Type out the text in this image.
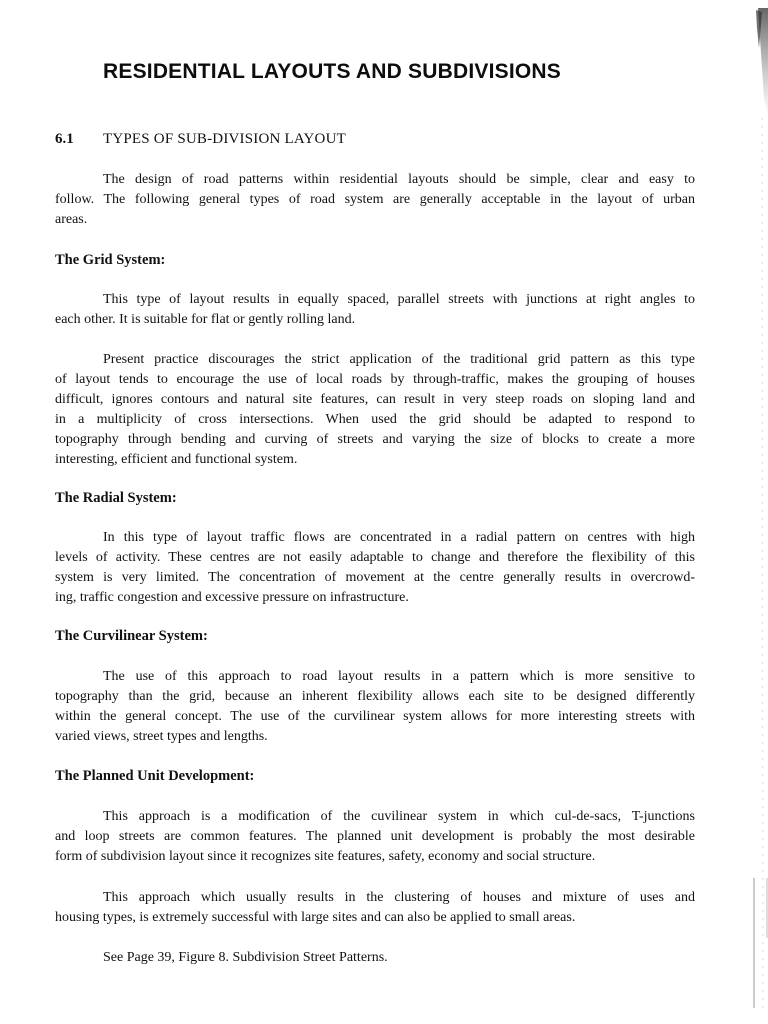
RESIDENTIAL LAYOUTS AND SUBDIVISIONS
6.1 TYPES OF SUB-DIVISION LAYOUT

The design of road patterns within residential layouts should be simple, clear and easy to
follow. The following general types of road system are generally acceptable in the layout of urban
areas.

The Grid System:

This type of layout results in equally spaced, parallel streets with junctions at right angles to
each other. It is suitable for flat or gently rolling land.

Present practice discourages the strict application of the traditional grid pattern as this type
of layout tends to encourage the use of local roads by through-traffic, makes the grouping of houses
difficult, ignores contours and natural site features, can result in very steep roads on sloping land and
in a multiplicity of cross intersections. When used the grid should be adapted to respond to
topography through bending and curving of streets and varying the size of blocks to create a more
interesting, efficient and functional system.

The Radial System:

In this type of layout traffic flows are concentrated in a radial pattern on centres with high
levels of activity. These centres are not easily adaptable to change and therefore the flexibility of this
system is very limited. The concentration of movement at the centre generally results in overcrowd-
ing, traffic congestion and excessive pressure on infrastructure.

The Curvilinear System:

The use of this approach to road layout results in a pattern which is more sensitive to
topography than the grid, because an inherent flexibility allows each site to be designed differently
within the general concept. The use of the curvilinear system allows for more interesting streets with
varied views, street types and lengths.

The Planned Unit Development:

This approach is a modification of the cuvilinear system in which cul-de-sacs, T-junctions
and loop streets are common features. The planned unit development is probably the most desirable
form of subdivision layout since it recognizes site features, safety, economy and social structure.

This approach which usually results in the clustering of houses and mixture of uses and
housing types, is extremely successful with large sites and can also be applied to small areas.

See Page 39, Figure 8. Subdivision Street Patterns.
